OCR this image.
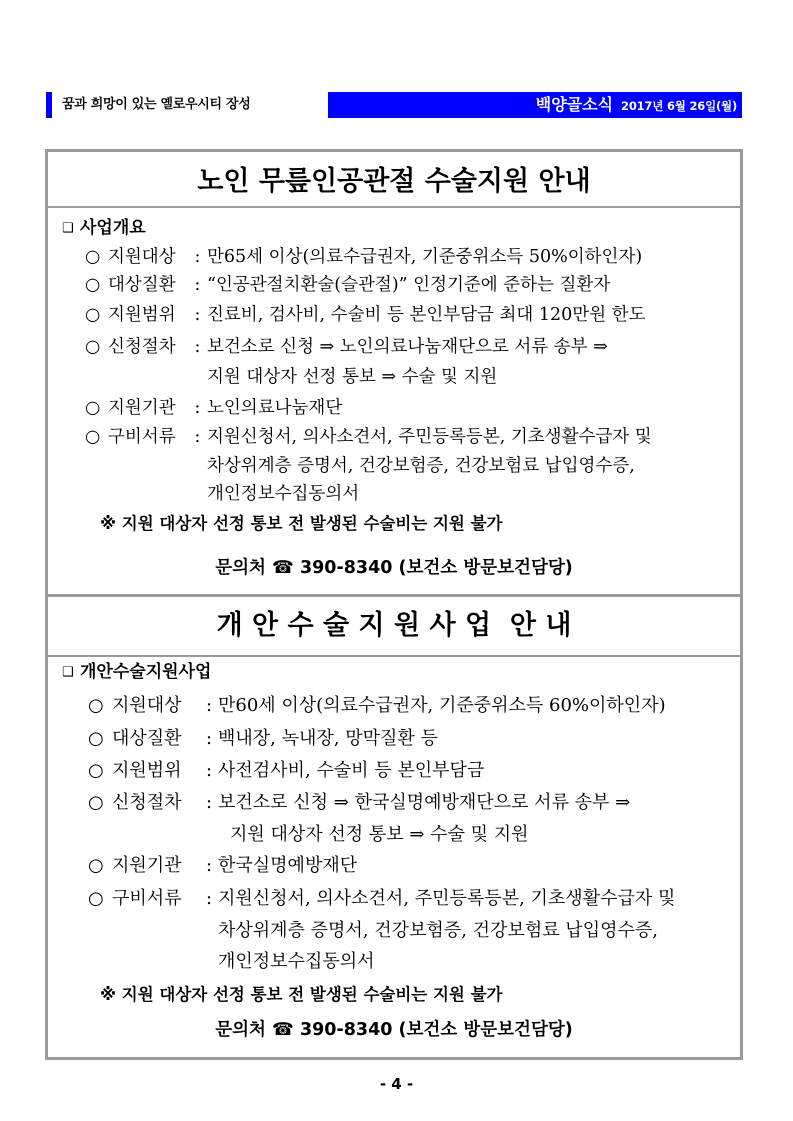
꿈과 희망이 있는 옐로우시티 장성	백양골소식 2017년 6월 26일(월)
노인 무릎인공관절 수술지원 안내
❑ 사업개요
○ 지원대상 : 만65세 이상(의료수급권자, 기준중위소득 50%이하인자)
○ 대상질환 : “인공관절치환술(슬관절)” 인정기준에 준하는 질환자
○ 지원범위 : 진료비, 검사비, 수술비 등 본인부담금 최대 120만원 한도
○ 신청절차 : 보건소로 신청 ⇒ 노인의료나눔재단으로 서류 송부 ⇒
지원 대상자 선정 통보 ⇒ 수술 및 지원
○ 지원기관 : 노인의료나눔재단
○ 구비서류 : 지원신청서, 의사소견서, 주민등록등본, 기초생활수급자 및
차상위계층 증명서, 건강보험증, 건강보험료 납입영수증,
개인정보수집동의서
※ 지원 대상자 선정 통보 전 발생된 수술비는 지원 불가
문의처 ☎ 390-8340 (보건소 방문보건담당)
개 안 수 술 지 원 사 업  안 내
❑ 개안수술지원사업
○ 지원대상 : 만60세 이상(의료수급권자, 기준중위소득 60%이하인자)
○ 대상질환 : 백내장, 녹내장, 망막질환 등
○ 지원범위 : 사전검사비, 수술비 등 본인부담금
○ 신청절차 : 보건소로 신청 ⇒ 한국실명예방재단으로 서류 송부 ⇒
지원 대상자 선정 통보 ⇒ 수술 및 지원
○ 지원기관 : 한국실명예방재단
○ 구비서류 : 지원신청서, 의사소견서, 주민등록등본, 기초생활수급자 및
차상위계층 증명서, 건강보험증, 건강보험료 납입영수증,
개인정보수집동의서
※ 지원 대상자 선정 통보 전 발생된 수술비는 지원 불가
문의처 ☎ 390-8340 (보건소 방문보건담당)
- 4 -
